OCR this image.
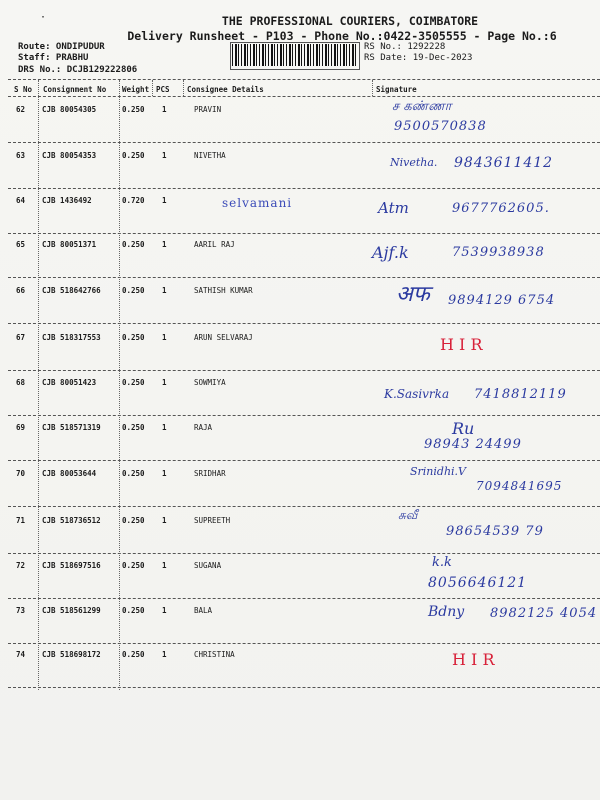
·	THE PROFESSIONAL COURIERS, COIMBATORE
Delivery Runsheet - P103 - Phone No.:0422-3505555 - Page No.:6
Route: ONDIPUDUR
Staff: PRABHU
DRS No.: DCJB129222806
RS No.: 1292228
RS Date: 19-Dec-2023
S No Consignment No Weight PCS Consignee Details	Signature
62 CJB 80054305	0.250 1	PRAVIN	ச கண்ணா
9500570838
63 CJB 80054353	0.250 1	NIVETHA
Nivetha. 9843611412
64 CJB 1436492	0.720 1	selvamani	Atm	9677762605.
65 CJB 80051371	0.250 1	AARIL RAJ	Ajf.k	7539938938
66 CJB 518642766	0.250 1	SATHISH KUMAR	अफ 9894129 6754
67 CJB 518317553	0.250 1	ARUN SELVARAJ	H I R
68 CJB 80051423	0.250 1	SOWMIYA
K.Sasivrka 7418812119
69 CJB 518571319	0.250 1	RAJA	Ru
98943 24499
70 CJB 80053644	0.250 1	SRIDHAR	Srinidhi.V
7094841695
71 CJB 518736512	0.250 1	SUPREETH	சுவீ
98654539 79
72 CJB 518697516	0.250 1	SUGANA	k.k
8056646121
73 CJB 518561299	0.250 1	BALA	Bdny 8982125 4054
74 CJB 518698172	0.250 1	CHRISTINA	H I R
